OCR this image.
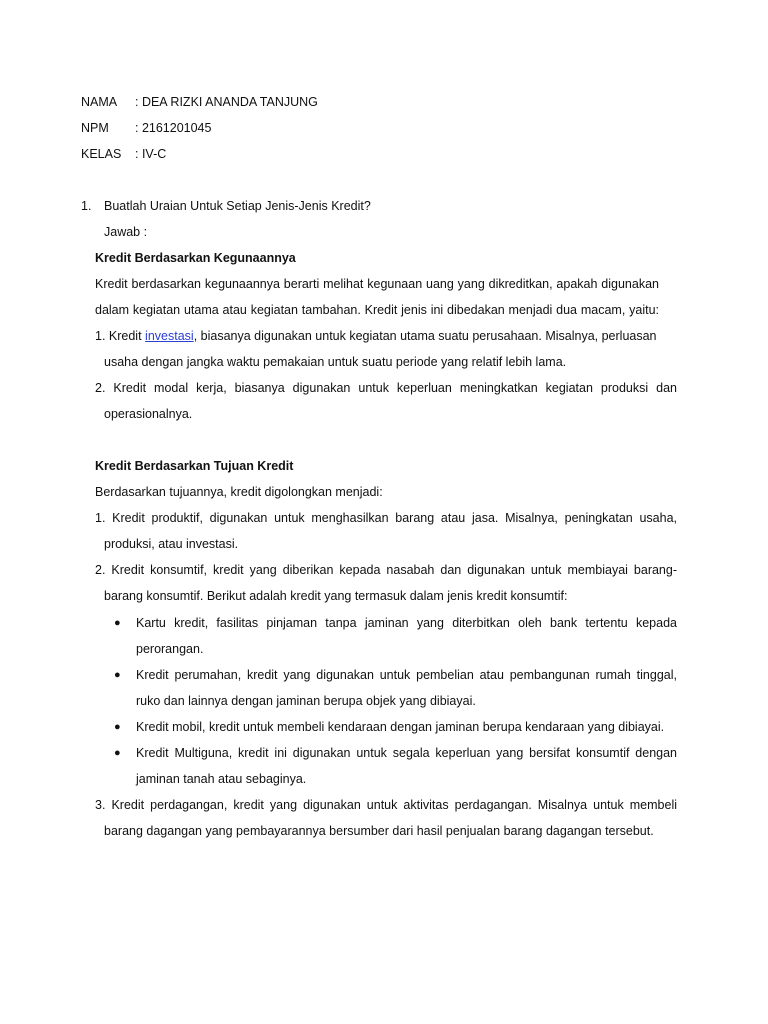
NAMA : DEA RIZKI ANANDA TANJUNG
NPM : 2161201045
KELAS : IV-C
1. Buatlah Uraian Untuk Setiap Jenis-Jenis Kredit?
Jawab :
Kredit Berdasarkan Kegunaannya
Kredit berdasarkan kegunaannya berarti melihat kegunaan uang yang dikreditkan, apakah digunakan
dalam kegiatan utama atau kegiatan tambahan. Kredit jenis ini dibedakan menjadi dua macam, yaitu:
1. Kredit investasi, biasanya digunakan untuk kegiatan utama suatu perusahaan. Misalnya, perluasan
usaha dengan jangka waktu pemakaian untuk suatu periode yang relatif lebih lama.
2. Kredit modal kerja, biasanya digunakan untuk keperluan meningkatkan kegiatan produksi dan
operasionalnya.
Kredit Berdasarkan Tujuan Kredit
Berdasarkan tujuannya, kredit digolongkan menjadi:
1. Kredit produktif, digunakan untuk menghasilkan barang atau jasa. Misalnya, peningkatan usaha,
produksi, atau investasi.
2. Kredit konsumtif, kredit yang diberikan kepada nasabah dan digunakan untuk membiayai barang-
barang konsumtif. Berikut adalah kredit yang termasuk dalam jenis kredit konsumtif:
● Kartu kredit, fasilitas pinjaman tanpa jaminan yang diterbitkan oleh bank tertentu kepada
perorangan.
● Kredit perumahan, kredit yang digunakan untuk pembelian atau pembangunan rumah tinggal,
ruko dan lainnya dengan jaminan berupa objek yang dibiayai.
● Kredit mobil, kredit untuk membeli kendaraan dengan jaminan berupa kendaraan yang dibiayai.
● Kredit Multiguna, kredit ini digunakan untuk segala keperluan yang bersifat konsumtif dengan
jaminan tanah atau sebaginya.
3. Kredit perdagangan, kredit yang digunakan untuk aktivitas perdagangan. Misalnya untuk membeli
barang dagangan yang pembayarannya bersumber dari hasil penjualan barang dagangan tersebut.
